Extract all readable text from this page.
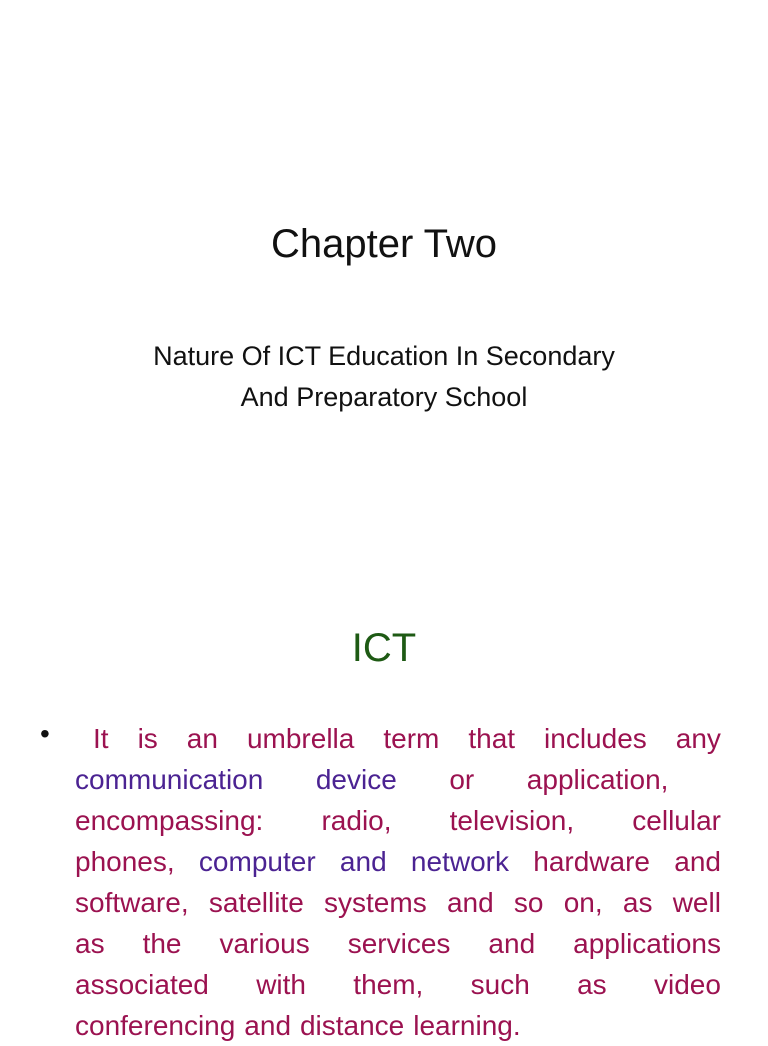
Chapter Two
Nature Of ICT Education In Secondary
And Preparatory School
ICT
• It is an umbrella term that includes any
communication device or application,
encompassing: radio, television, cellular
phones, computer and network hardware and
software, satellite systems and so on, as well
as the various services and applications
associated with them, such as video
conferencing and distance learning.
